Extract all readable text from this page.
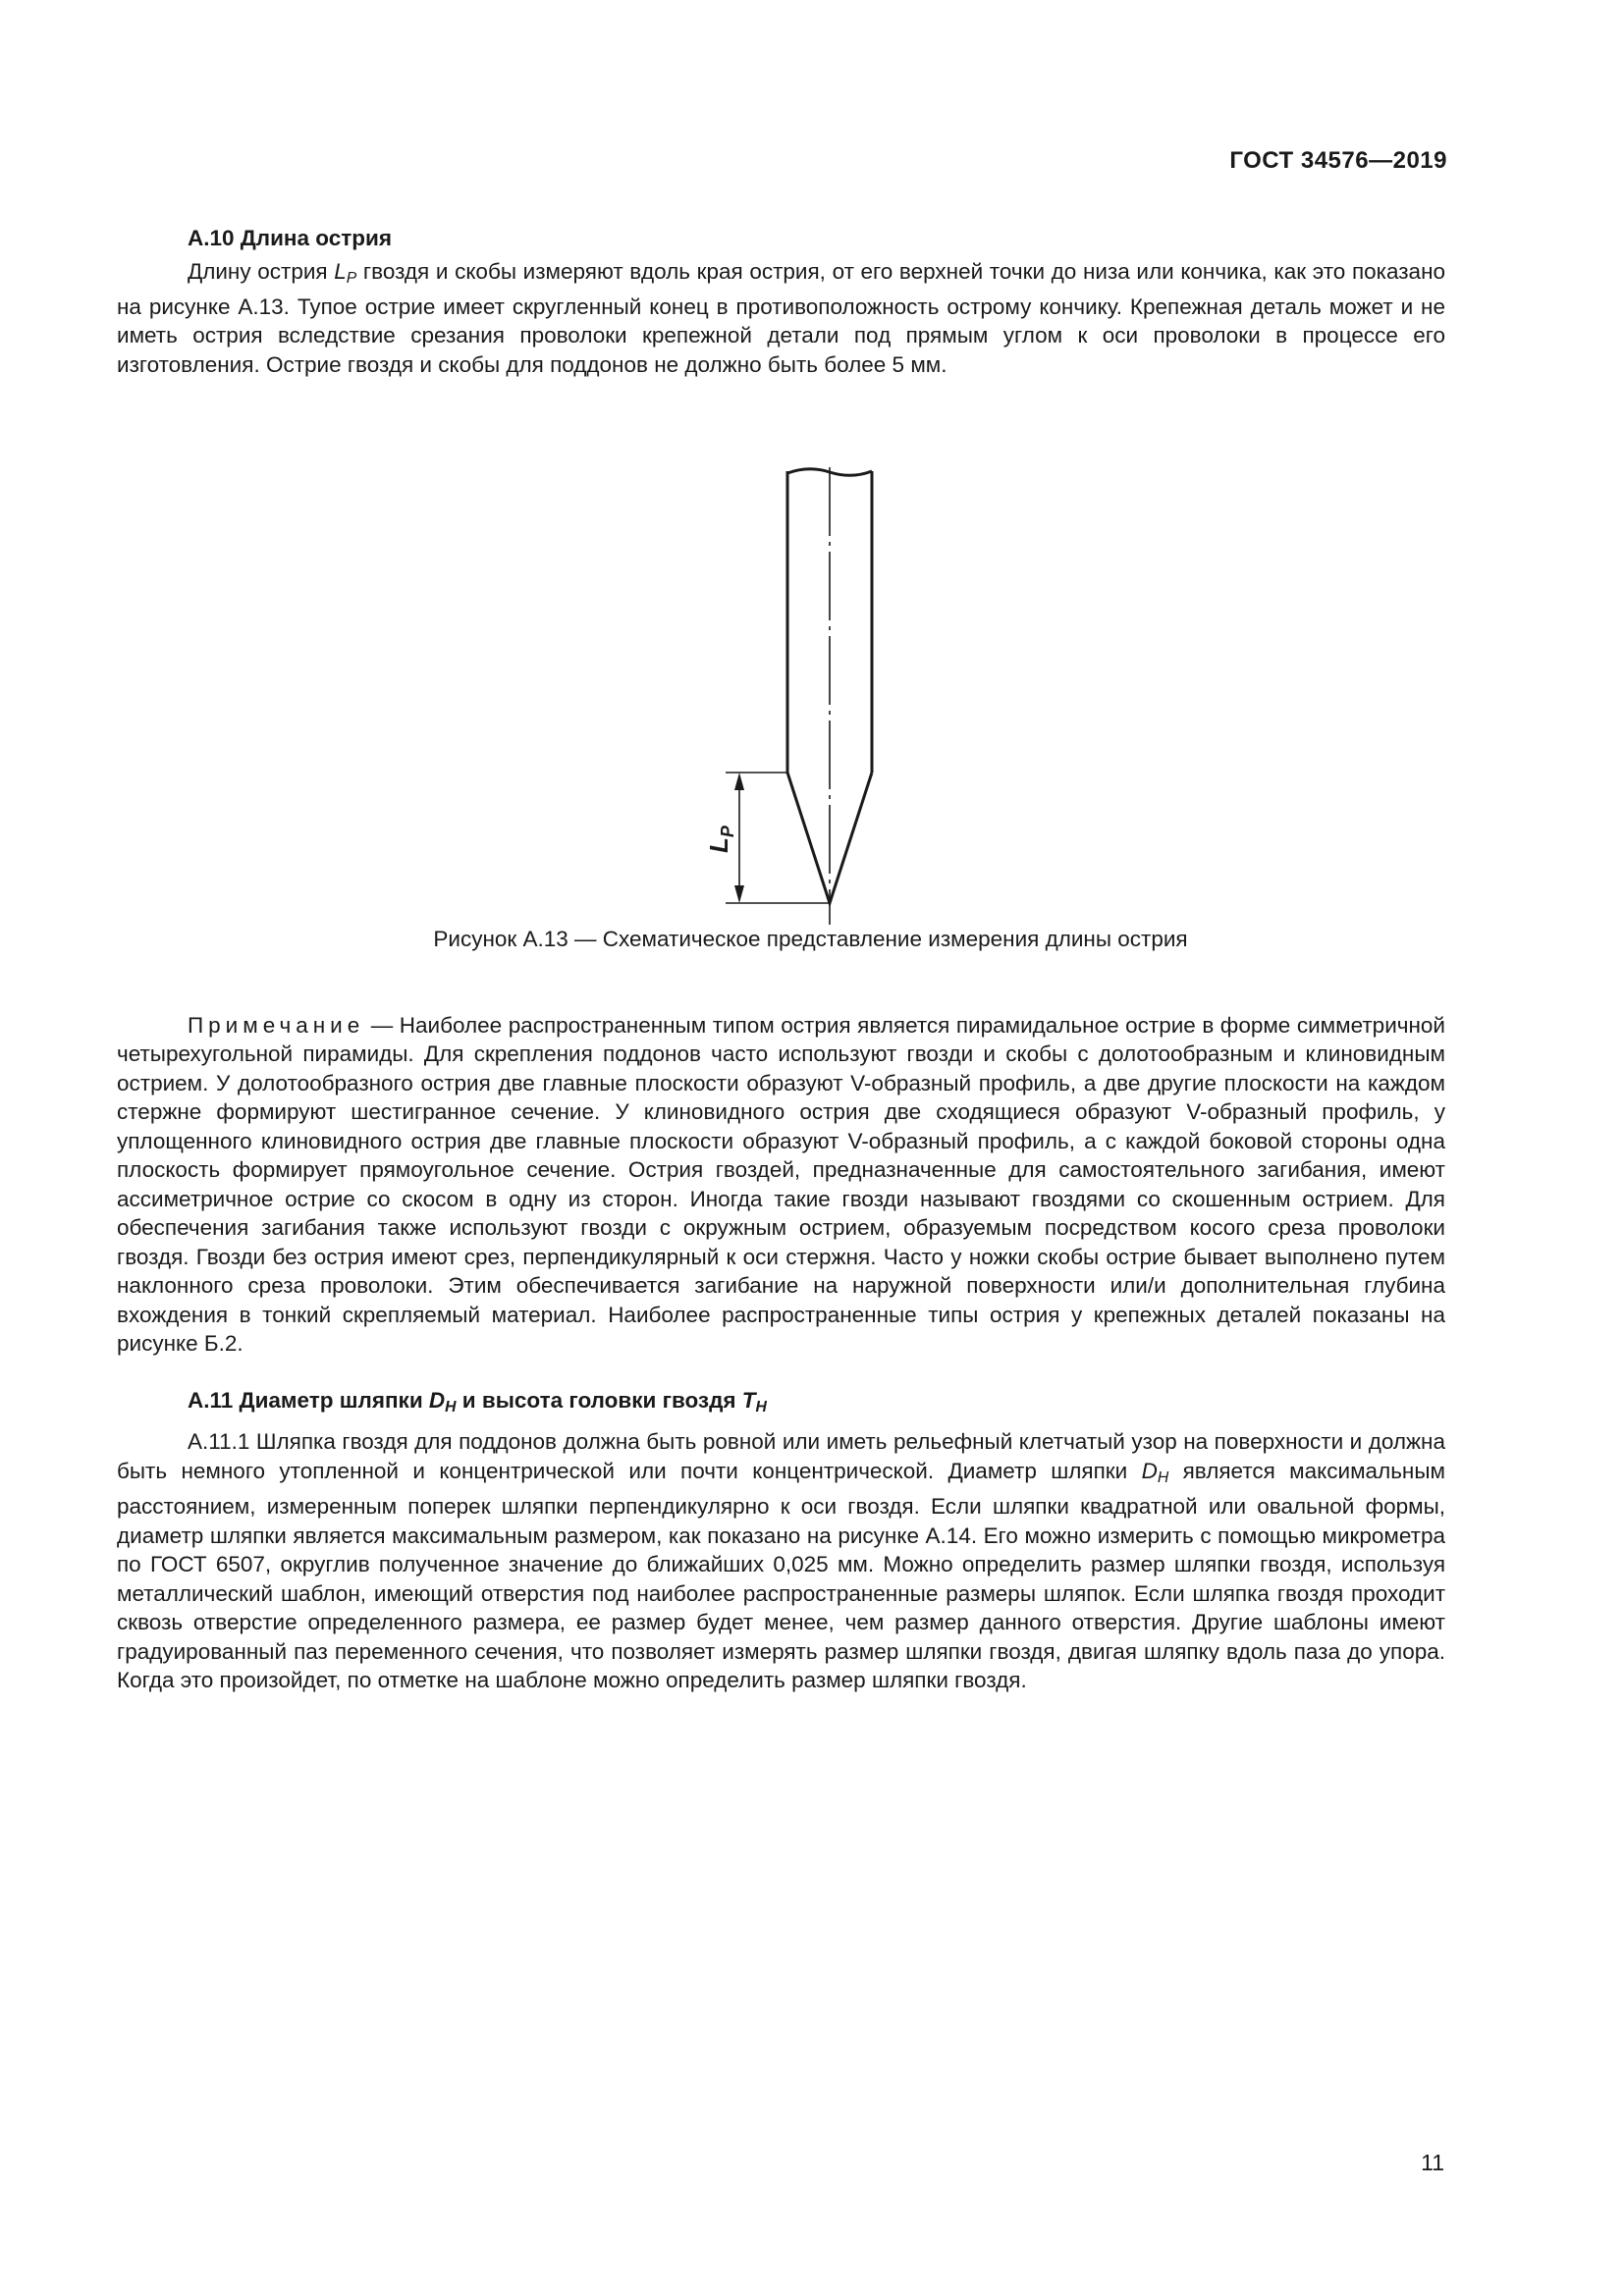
ГОСТ 34576—2019
А.10 Длина острия

Длину острия $L_P$ гвоздя и скобы измеряют вдоль края острия, от его верхней точки до низа или кончика, как это показано на рисунке А.13. Тупое острие имеет скругленный конец в противоположность острому кончику. Крепежная деталь может и не иметь острия вследствие срезания проволоки крепежной детали под прямым углом к оси проволоки в процессе его изготовления. Острие гвоздя и скобы для поддонов не должно быть более 5 мм.

$L_P$
Рисунок А.13 — Схематическое представление измерения длины острия

Примечание — Наиболее распространенным типом острия является пирамидальное острие в форме симметричной четырехугольной пирамиды. Для скрепления поддонов часто используют гвозди и скобы с долотообразным и клиновидным острием. У долотообразного острия две главные плоскости образуют V-образный профиль, а две другие плоскости на каждом стержне формируют шестигранное сечение. У клиновидного острия две сходящиеся образуют V-образный профиль, у уплощенного клиновидного острия две главные плоскости образуют V-образный профиль, а с каждой боковой стороны одна плоскость формирует прямоугольное сечение. Острия гвоздей, предназначенные для самостоятельного загибания, имеют ассиметричное острие со скосом в одну из сторон. Иногда такие гвозди называют гвоздями со скошенным острием. Для обеспечения загибания также используют гвозди с окружным острием, образуемым посредством косого среза проволоки гвоздя. Гвозди без острия имеют срез, перпендикулярный к оси стержня. Часто у ножки скобы острие бывает выполнено путем наклонного среза проволоки. Этим обеспечивается загибание на наружной поверхности или/и дополнительная глубина вхождения в тонкий скрепляемый материал. Наиболее распространенные типы острия у крепежных деталей показаны на рисунке Б.2.

А.11 Диаметр шляпки $D_H$ и высота головки гвоздя $T_H$

А.11.1 Шляпка гвоздя для поддонов должна быть ровной или иметь рельефный клетчатый узор на поверхности и должна быть немного утопленной и концентрической или почти концентрической. Диаметр шляпки $D_H$ является максимальным расстоянием, измеренным поперек шляпки перпендикулярно к оси гвоздя. Если шляпки квадратной или овальной формы, диаметр шляпки является максимальным размером, как показано на рисунке А.14. Его можно измерить с помощью микрометра по ГОСТ 6507, округлив полученное значение до ближайших 0,025 мм. Можно определить размер шляпки гвоздя, используя металлический шаблон, имеющий отверстия под наиболее распространенные размеры шляпок. Если шляпка гвоздя проходит сквозь отверстие определенного размера, ее размер будет менее, чем размер данного отверстия. Другие шаблоны имеют градуированный паз переменного сечения, что позволяет измерять размер шляпки гвоздя, двигая шляпку вдоль паза до упора. Когда это произойдет, по отметке на шаблоне можно определить размер шляпки гвоздя.

11
